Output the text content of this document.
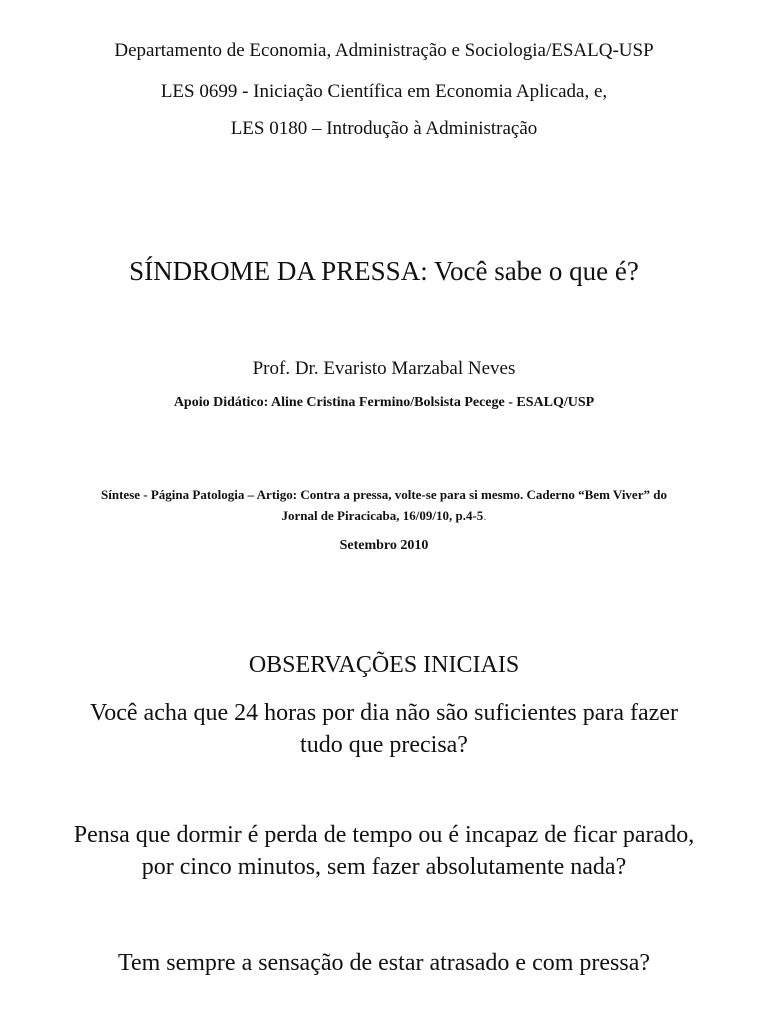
Departamento de Economia, Administração e Sociologia/ESALQ-USP

LES 0699 - Iniciação Científica em Economia Aplicada, e,

LES 0180 – Introdução à Administração

SÍNDROME DA PRESSA: Você sabe o que é?

Prof. Dr. Evaristo Marzabal Neves

Apoio Didático: Aline Cristina Fermino/Bolsista Pecege - ESALQ/USP

Síntese - Página Patologia – Artigo: Contra a pressa, volte-se para si mesmo. Caderno “Bem Viver” do

Jornal de Piracicaba, 16/09/10, p.4-5.

Setembro 2010

OBSERVAÇÕES INICIAIS

Você acha que 24 horas por dia não são suficientes para fazer

tudo que precisa?

Pensa que dormir é perda de tempo ou é incapaz de ficar parado,

por cinco minutos, sem fazer absolutamente nada?

Tem sempre a sensação de estar atrasado e com pressa?
